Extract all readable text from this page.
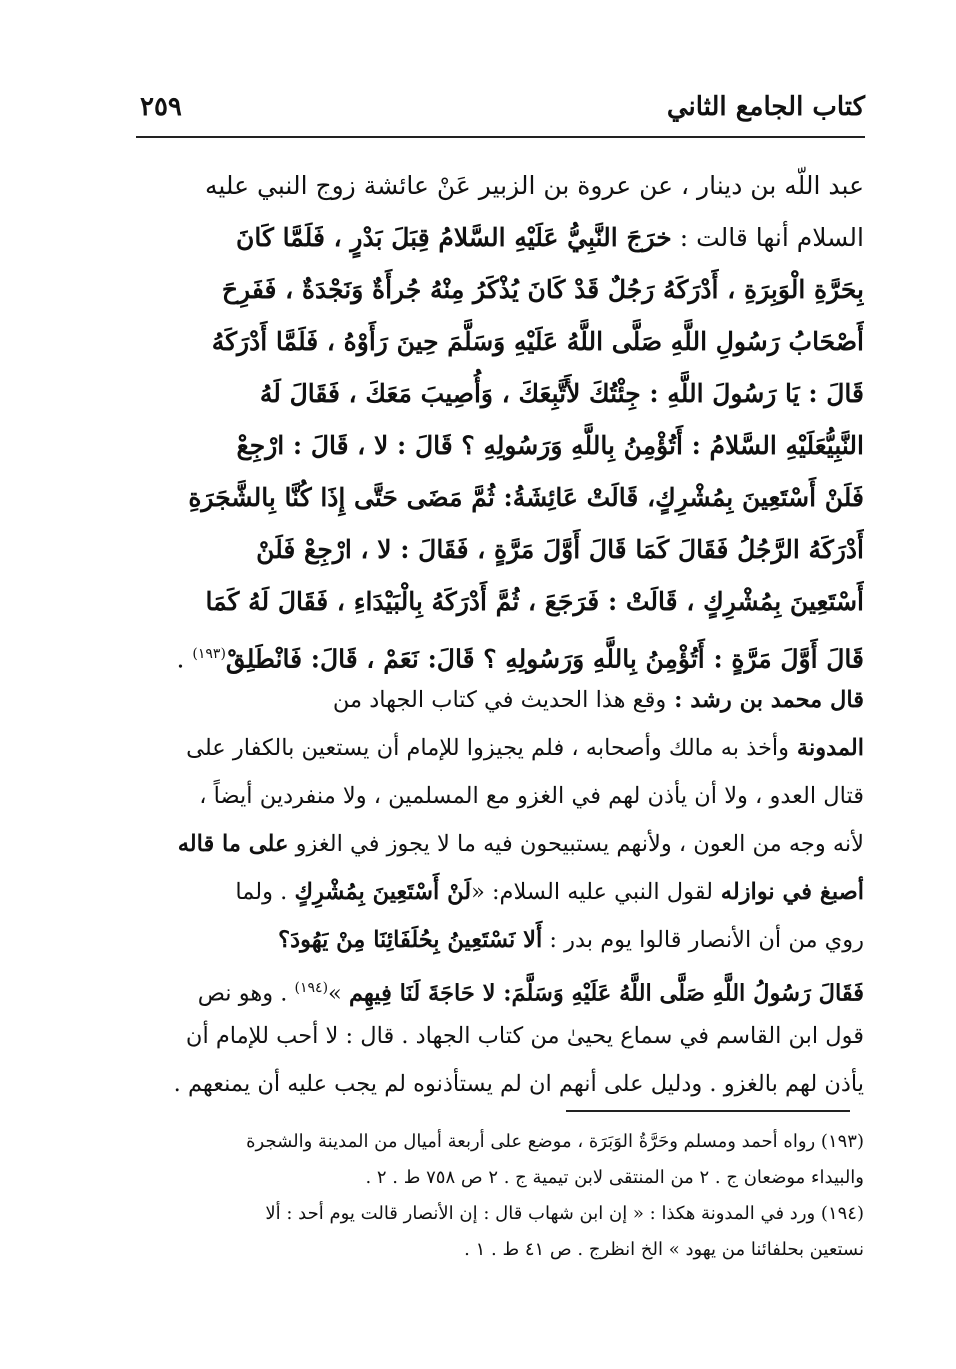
كتاب الجامع الثاني
٢٥٩
عبد اللّه بن دينار ، عن عروة بن الزبير عَنْ عائشة زوج النبي عليه
السلام أنها قالت : خرَجَ النَّبِيُّ عَلَيْهِ السَّلامُ قِبَلَ بَدْرٍ ، فَلَمَّا كَانَ
بِحَرَّةِ الْوَبِرَةِ ، أَدْرَكَهُ رَجُلٌ قَدْ كَانَ يُذْكَرُ مِنْهُ جُرأَةٌ وَنَجْدَةٌ ، فَفَرِحَ
أَصْحَابُ رَسُولِ اللَّهِ صَلَّى اللَّهُ عَلَيْهِ وَسَلَّمَ حِينَ رَأَوْهُ ، فَلَمَّا أَدْرَكَهُ
قَالَ : يَا رَسُولَ اللَّهِ : جِئْتُكَ لأَتَّبِعَكَ ، وَأُصِيبَ مَعَكَ ، فَقَالَ لَهُ
النَّبِيُّعَلَيْهِ السَّلامُ : أَتُؤْمِنُ بِاللَّهِ وَرَسُولِهِ ؟ قَالَ : لا ، قَالَ : ارْجِعْ
فَلَنْ أَسْتَعِينَ بِمُشْرِكٍ، قَالَتْ عَائِشَةُ: ثُمَّ مَضَى حَتَّى إِذَا كُنَّا بِالشَّجَرَةِ
أَدْرَكَهُ الرَّجُلُ فَقَالَ كَمَا قَالَ أَوَّلَ مَرَّةٍ ، فَقَالَ : لا ، ارْجِعْ فَلَنْ
أَسْتَعِينَ بِمُشْرِكٍ ، قَالَتْ : فَرَجَعَ ، ثُمَّ أَدْرَكَهُ بِالْبَيْدَاءِ ، فَقَالَ لَهُ كَمَا
قَالَ أَوَّلَ مَرَّةٍ : أَتُؤْمِنُ بِاللَّهِ وَرَسُولِهِ ؟ قَالَ: نَعَمْ ، قَالَ: فَانْطَلِقْ$^{(١٩٣)}$ .
قال محمد بن رشد : وقع هذا الحديث في كتاب الجهاد من
المدونة وأخذ به مالك وأصحابه ، فلم يجيزوا للإمام أن يستعين بالكفار على
قتال العدو ، ولا أن يأذن لهم في الغزو مع المسلمين ، ولا منفردين أيضاً ،
لأنه وجه من العون ، ولأنهم يستبيحون فيه ما لا يجوز في الغزو على ما قاله
أصبغ في نوازله لقول النبي عليه السلام: «لَنْ أَسْتَعِينَ بِمُشْرِكٍ . ولما
روي من أن الأنصار قالوا يوم بدر : أَلا نَسْتَعِينُ بِحُلَفَائِنَا مِنْ يَهُودَ؟
فَقَالَ رَسُولُ اللَّهِ صَلَّى اللَّهُ عَلَيْهِ وَسَلَّمَ: لا حَاجَةَ لَنَا فِيهِم »$^{(١٩٤)}$ . وهو نص
قول ابن القاسم في سماع يحيىٰ من كتاب الجهاد . قال : لا أحب للإمام أن
يأذن لهم بالغزو . ودليل على أنهم ان لم يستأذنوه لم يجب عليه أن يمنعهم .
(١٩٣) رواه أحمد ومسلم وحَرَّةُ الوَبَرَة ، موضع على أربعة أميال من المدينة والشجرة
والبيداء موضعان ج . ٢ من المنتقى لابن تيمية ج . ٢ ص ٧٥٨ ط . ٢ .
(١٩٤) ورد في المدونة هكذا : « إن ابن شهاب قال : إن الأنصار قالت يوم أحد : ألا
نستعين بحلفائنا من يهود » الخ انظرج . ص ٤١ ط . ١ .
